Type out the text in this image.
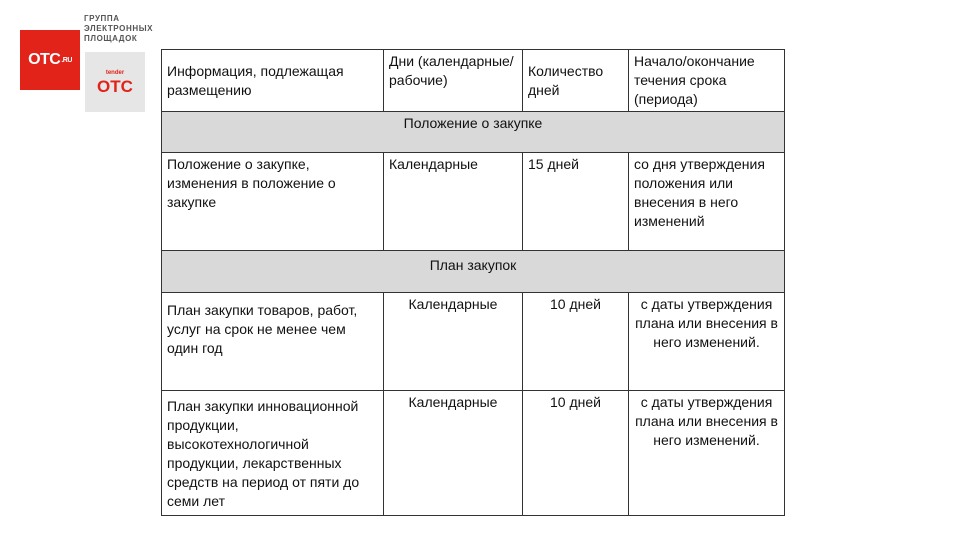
ГРУППА
ЭЛЕКТРОННЫХ
ПЛОЩАДОК
OTC .RU
tender
OTC
Информация, подлежащая размещению	Дни (календарные/ рабочие)	Количество дней	Начало/окончание течения срока (периода)
Положение о закупке			
Положение о закупке, изменения в положение о закупке	Календарные	15 дней	со дня утверждения положения или внесения в него изменений
План закупок			
План закупки товаров, работ, услуг на срок не менее чем один год	Календарные	10 дней	с даты утверждения плана или внесения в него изменений.
План закупки инновационной продукции, высокотехнологичной продукции, лекарственных средств на период от пяти до семи лет	Календарные	10 дней	с даты утверждения плана или внесения в него изменений.
